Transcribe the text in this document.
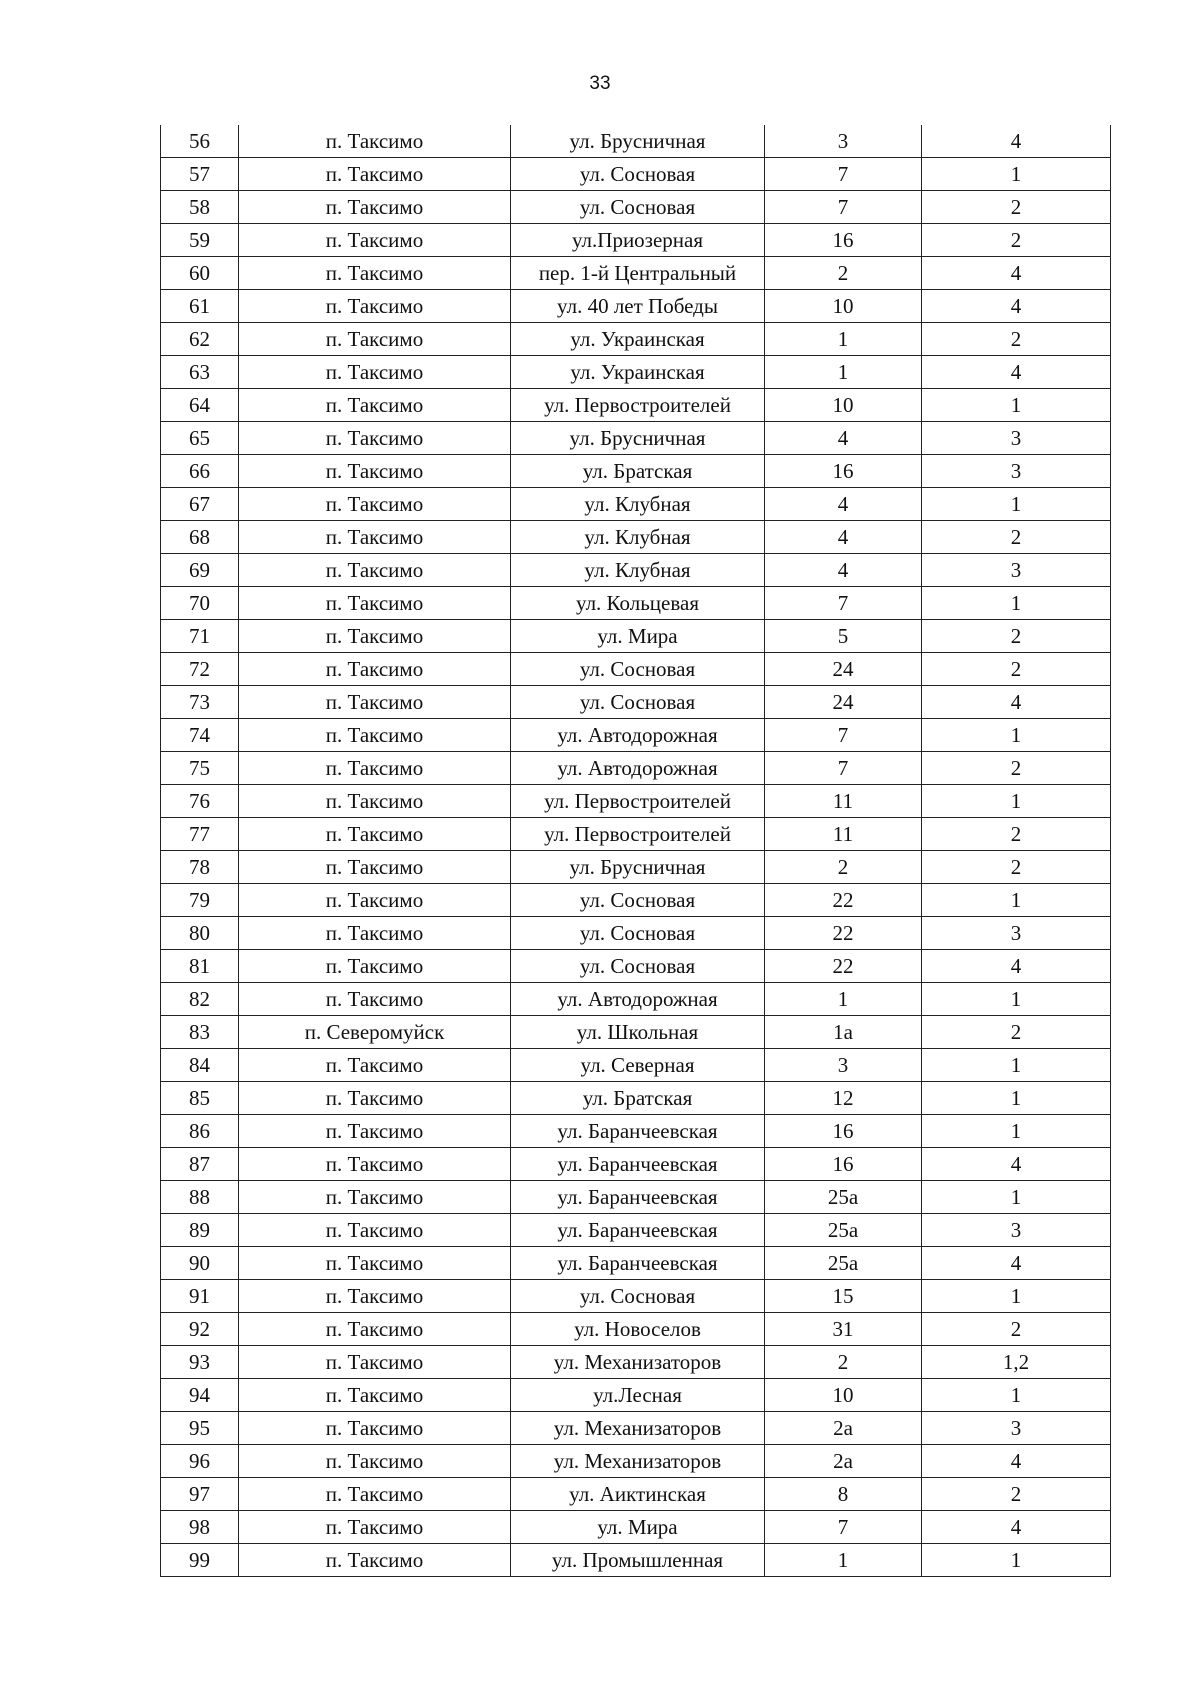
33
56	п. Таксимо	ул. Брусничная	3	4
57	п. Таксимо	ул. Сосновая	7	1
58	п. Таксимо	ул. Сосновая	7	2
59	п. Таксимо	ул.Приозерная	16	2
60	п. Таксимо	пер. 1-й Центральный	2	4
61	п. Таксимо	ул. 40 лет Победы	10	4
62	п. Таксимо	ул. Украинская	1	2
63	п. Таксимо	ул. Украинская	1	4
64	п. Таксимо	ул. Первостроителей	10	1
65	п. Таксимо	ул. Брусничная	4	3
66	п. Таксимо	ул. Братская	16	3
67	п. Таксимо	ул. Клубная	4	1
68	п. Таксимо	ул. Клубная	4	2
69	п. Таксимо	ул. Клубная	4	3
70	п. Таксимо	ул. Кольцевая	7	1
71	п. Таксимо	ул. Мира	5	2
72	п. Таксимо	ул. Сосновая	24	2
73	п. Таксимо	ул. Сосновая	24	4
74	п. Таксимо	ул. Автодорожная	7	1
75	п. Таксимо	ул. Автодорожная	7	2
76	п. Таксимо	ул. Первостроителей	11	1
77	п. Таксимо	ул. Первостроителей	11	2
78	п. Таксимо	ул. Брусничная	2	2
79	п. Таксимо	ул. Сосновая	22	1
80	п. Таксимо	ул. Сосновая	22	3
81	п. Таксимо	ул. Сосновая	22	4
82	п. Таксимо	ул. Автодорожная	1	1
83	п. Северомуйск	ул. Школьная	1а	2
84	п. Таксимо	ул. Северная	3	1
85	п. Таксимо	ул. Братская	12	1
86	п. Таксимо	ул. Баранчеевская	16	1
87	п. Таксимо	ул. Баранчеевская	16	4
88	п. Таксимо	ул. Баранчеевская	25а	1
89	п. Таксимо	ул. Баранчеевская	25а	3
90	п. Таксимо	ул. Баранчеевская	25а	4
91	п. Таксимо	ул. Сосновая	15	1
92	п. Таксимо	ул. Новоселов	31	2
93	п. Таксимо	ул. Механизаторов	2	1,2
94	п. Таксимо	ул.Лесная	10	1
95	п. Таксимо	ул. Механизаторов	2а	3
96	п. Таксимо	ул. Механизаторов	2а	4
97	п. Таксимо	ул. Аиктинская	8	2
98	п. Таксимо	ул. Мира	7	4
99	п. Таксимо	ул. Промышленная	1	1
